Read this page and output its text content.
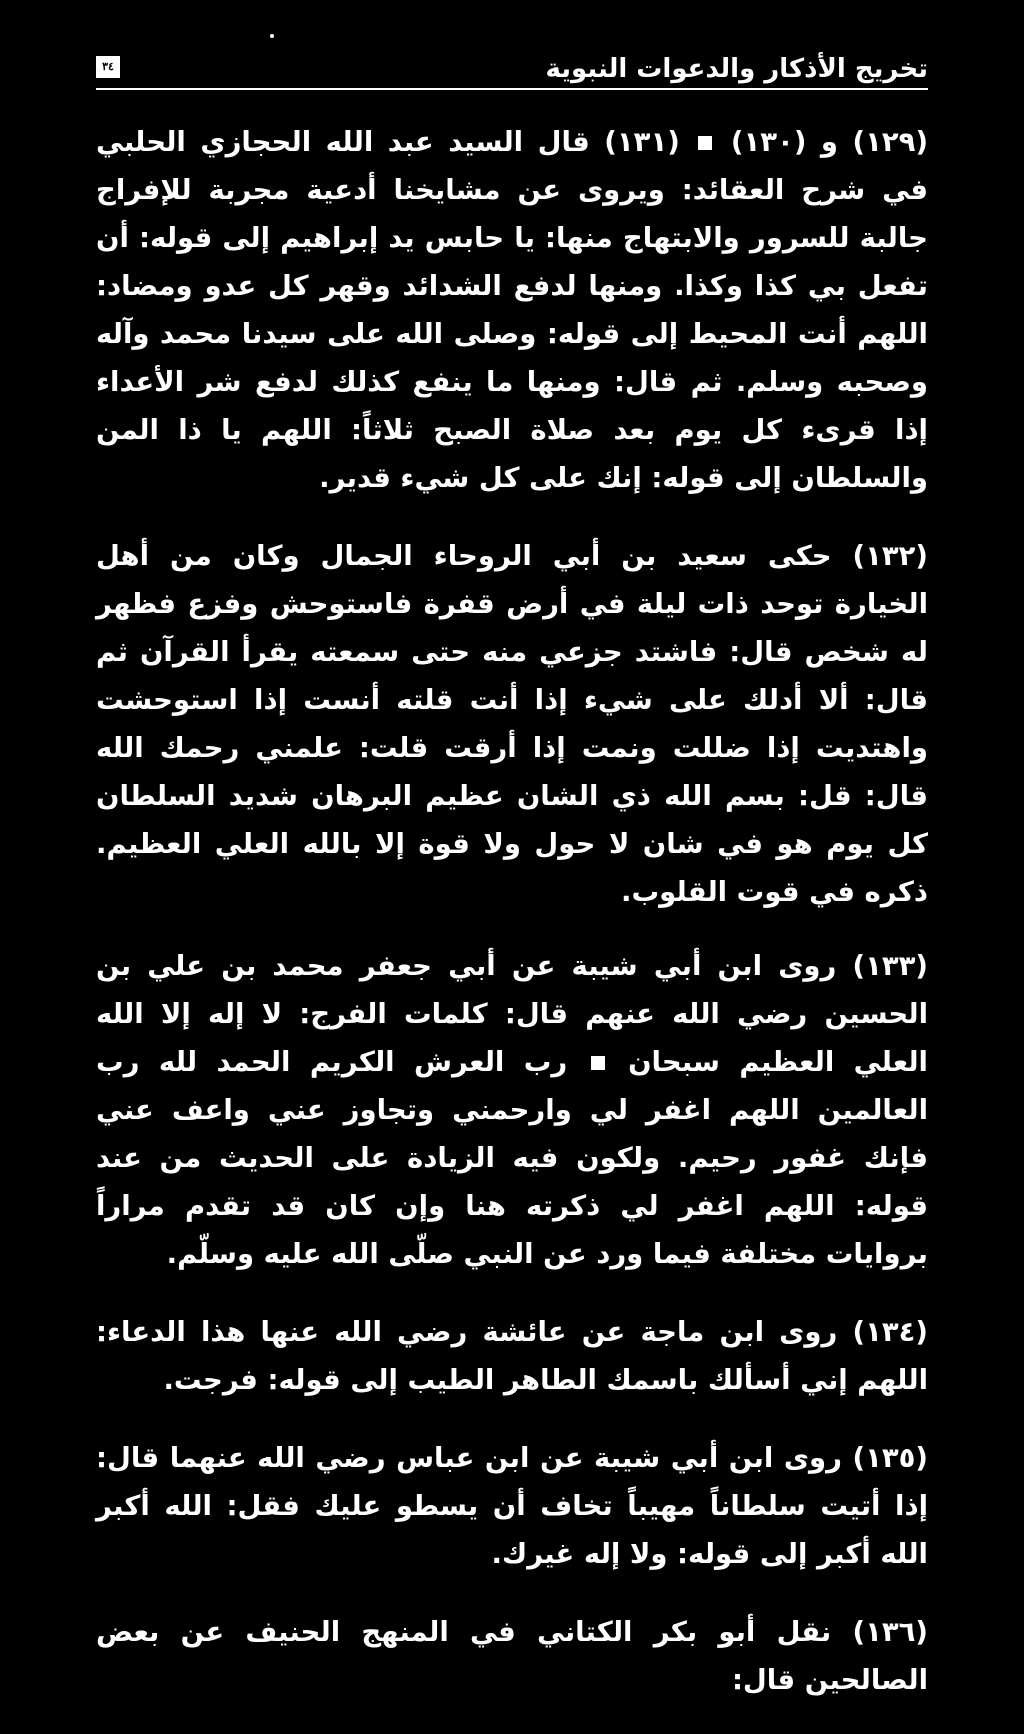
تخريج الأذكار والدعوات النبوية
٣٤

(١٢٩) و (١٣٠)  (١٣١) قال السيد عبد الله الحجازي الحلبي في شرح العقائد: ويروى عن مشايخنا أدعية مجربة للإفراج جالبة للسرور والابتهاج منها: يا حابس يد إبراهيم إلى قوله: أن تفعل بي كذا وكذا. ومنها لدفع الشدائد وقهر كل عدو ومضاد: اللهم أنت المحيط إلى قوله: وصلى الله على سيدنا محمد وآله وصحبه وسلم. ثم قال: ومنها ما ينفع كذلك لدفع شر الأعداء إذا قرىء كل يوم بعد صلاة الصبح ثلاثاً: اللهم يا ذا المن والسلطان إلى قوله: إنك على كل شيء قدير.

(١٣٢) حكى سعيد بن أبي الروحاء الجمال وكان من أهل الخيارة توحد ذات ليلة في أرض قفرة فاستوحش وفزع فظهر له شخص قال: فاشتد جزعي منه حتى سمعته يقرأ القرآن ثم قال: ألا أدلك على شيء إذا أنت قلته أنست إذا استوحشت واهتديت إذا ضللت ونمت إذا أرقت قلت: علمني رحمك الله قال: قل: بسم الله ذي الشان عظيم البرهان شديد السلطان كل يوم هو في شان لا حول ولا قوة إلا بالله العلي العظيم. ذكره في قوت القلوب.

(١٣٣) روى ابن أبي شيبة عن أبي جعفر محمد بن علي بن الحسين رضي الله عنهم قال: كلمات الفرج: لا إله إلا الله العلي العظيم سبحان  رب العرش الكريم الحمد لله رب العالمين اللهم اغفر لي وارحمني وتجاوز عني واعف عني فإنك غفور رحيم. ولكون فيه الزيادة على الحديث من عند قوله: اللهم اغفر لي ذكرته هنا وإن كان قد تقدم مراراً بروايات مختلفة فيما ورد عن النبي صلّى الله عليه وسلّم.

(١٣٤) روى ابن ماجة عن عائشة رضي الله عنها هذا الدعاء: اللهم إني أسألك باسمك الطاهر الطيب إلى قوله: فرجت.

(١٣٥) روى ابن أبي شيبة عن ابن عباس رضي الله عنهما قال: إذا أتيت سلطاناً مهيباً تخاف أن يسطو عليك فقل: الله أكبر الله أكبر إلى قوله: ولا إله غيرك.

(١٣٦) نقل أبو بكر الكتاني في المنهج الحنيف عن بعض الصالحين قال:
